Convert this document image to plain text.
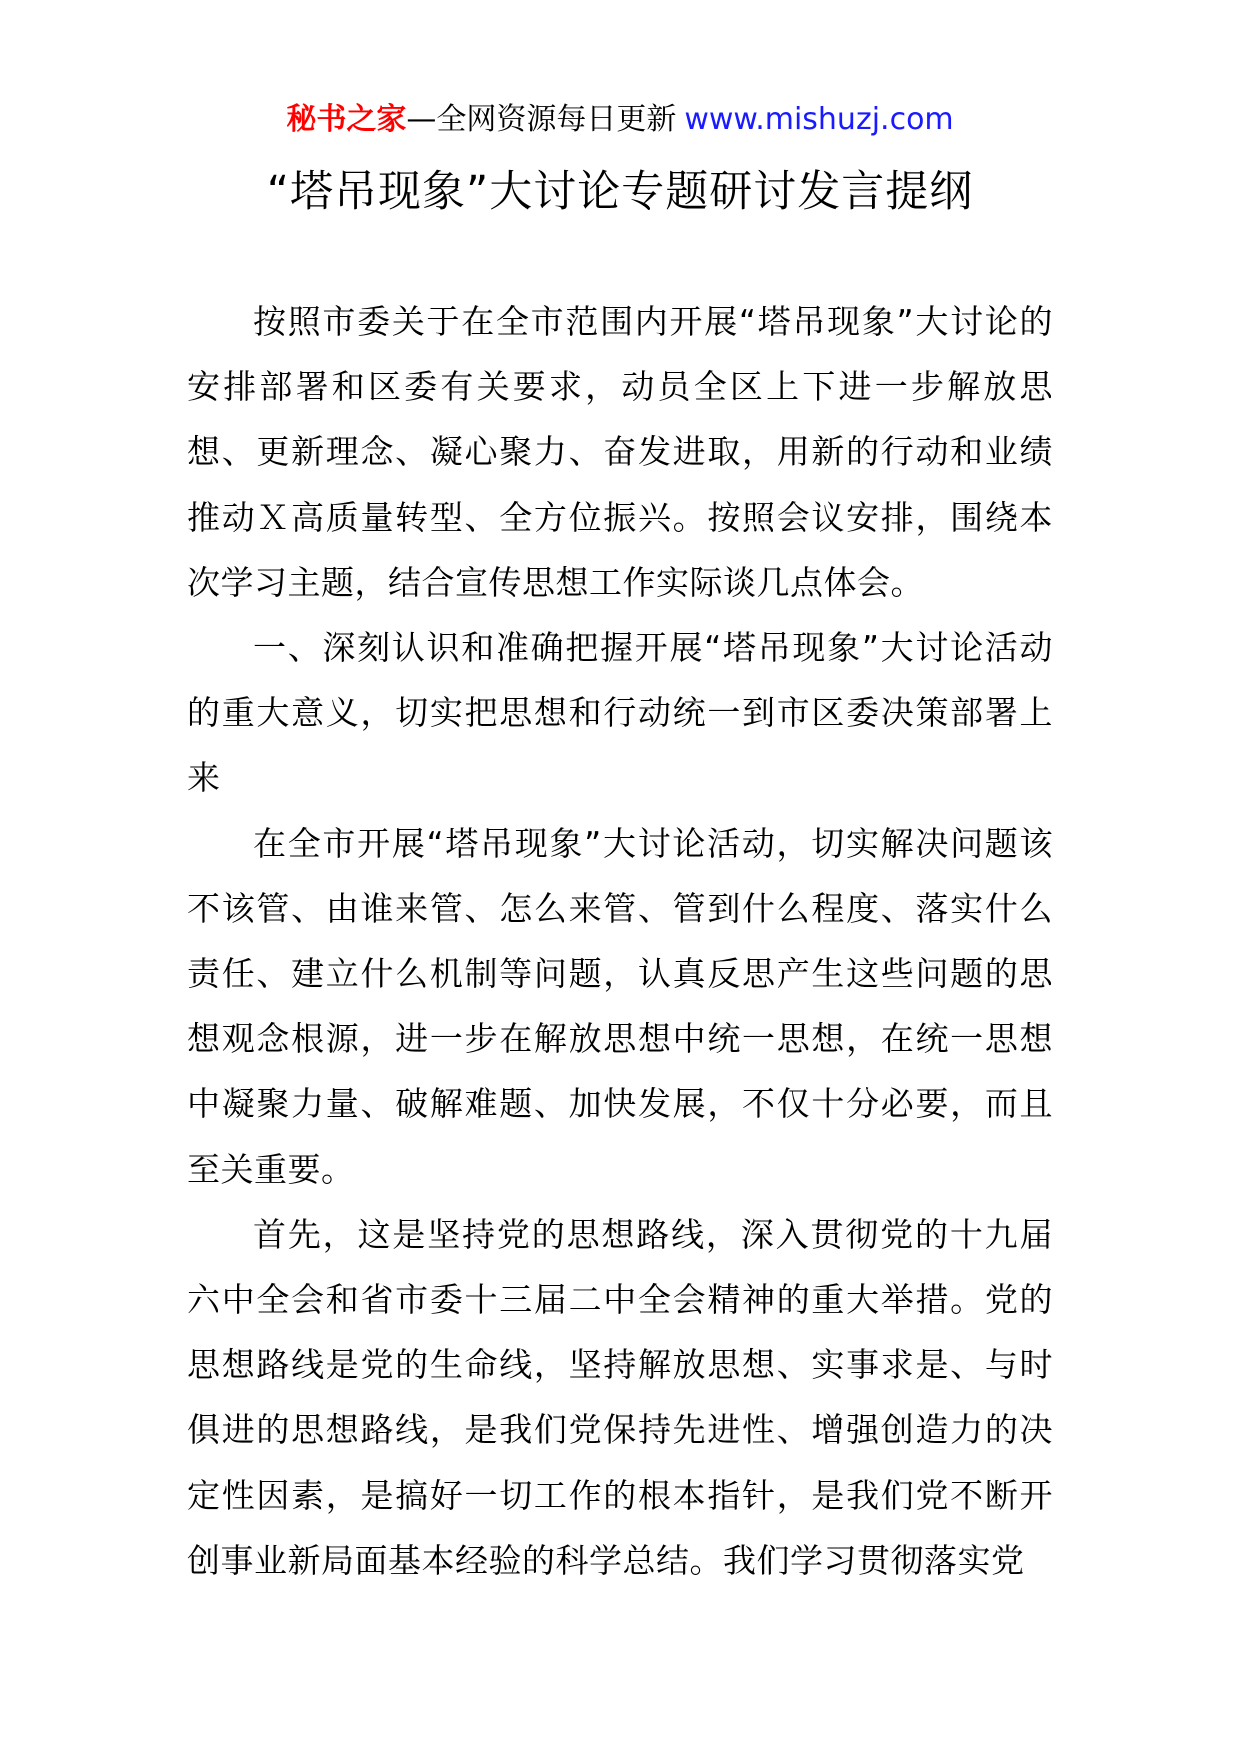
秘书之家—全网资源每日更新 www.mishuzj.com
“塔吊现象”大讨论专题研讨发言提纲

按照市委关于在全市范围内开展“塔吊现象”大讨论的安排部署和区委有关要求，动员全区上下进一步解放思想、更新理念、凝心聚力、奋发进取，用新的行动和业绩推动Ｘ高质量转型、全方位振兴。按照会议安排，围绕本次学习主题，结合宣传思想工作实际谈几点体会。

一、深刻认识和准确把握开展“塔吊现象”大讨论活动的重大意义，切实把思想和行动统一到市区委决策部署上来

在全市开展“塔吊现象”大讨论活动，切实解决问题该不该管、由谁来管、怎么来管、管到什么程度、落实什么责任、建立什么机制等问题，认真反思产生这些问题的思想观念根源，进一步在解放思想中统一思想，在统一思想中凝聚力量、破解难题、加快发展，不仅十分必要，而且至关重要。

首先，这是坚持党的思想路线，深入贯彻党的十九届六中全会和省市委十三届二中全会精神的重大举措。党的思想路线是党的生命线，坚持解放思想、实事求是、与时俱进的思想路线，是我们党保持先进性、增强创造力的决定性因素，是搞好一切工作的根本指针，是我们党不断开创事业新局面基本经验的科学总结。我们学习贯彻落实党
